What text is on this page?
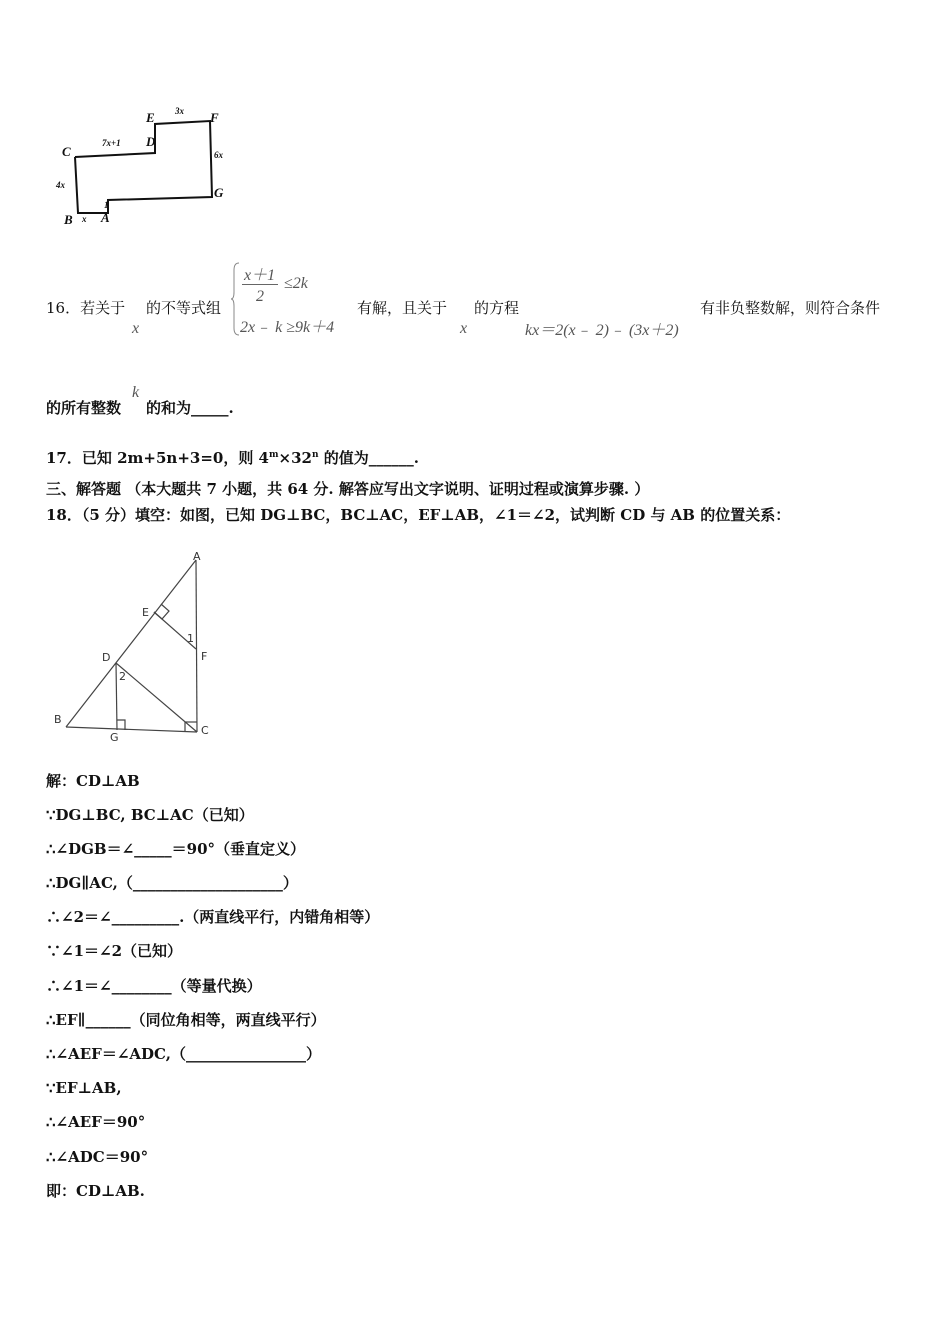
C
D
E	F
G
B A
7x+1
3x
6x
4x
x
1
16．若关于
x
的不等式组
x＋1
2
≤2k
2x﹣ k ≥9k＋4
有解，且关于
x
的方程
kx＝2(x﹣ 2)﹣ (3x＋2)
有非负整数解，则符合条件
的所有整数
k
的和为_____.
17．已知 2m+5n+3=0，则 $4^m\times 32^n$ 的值为______.
三、解答题 （本大题共 7 小题，共 64 分. 解答应写出文字说明、证明过程或演算步骤. ）
18．（5 分）填空：如图，已知 DG⊥BC，BC⊥AC，EF⊥AB，∠1＝∠2，试判断 CD 与 AB 的位置关系：
A
E
F
D
B
G
C
1
2
解：CD⊥AB
∵DG⊥BC, BC⊥AC（已知）
∴∠DGB＝∠_____＝90°（垂直定义）
∴DG∥AC,（____________________）
∴∠2＝∠_________.（两直线平行，内错角相等）
∵∠1＝∠2（已知）
∴∠1＝∠________（等量代换）
∴EF∥______（同位角相等，两直线平行）
∴∠AEF＝∠ADC,（________________）
∵EF⊥AB,
∴∠AEF＝90°
∴∠ADC＝90°
即：CD⊥AB.
